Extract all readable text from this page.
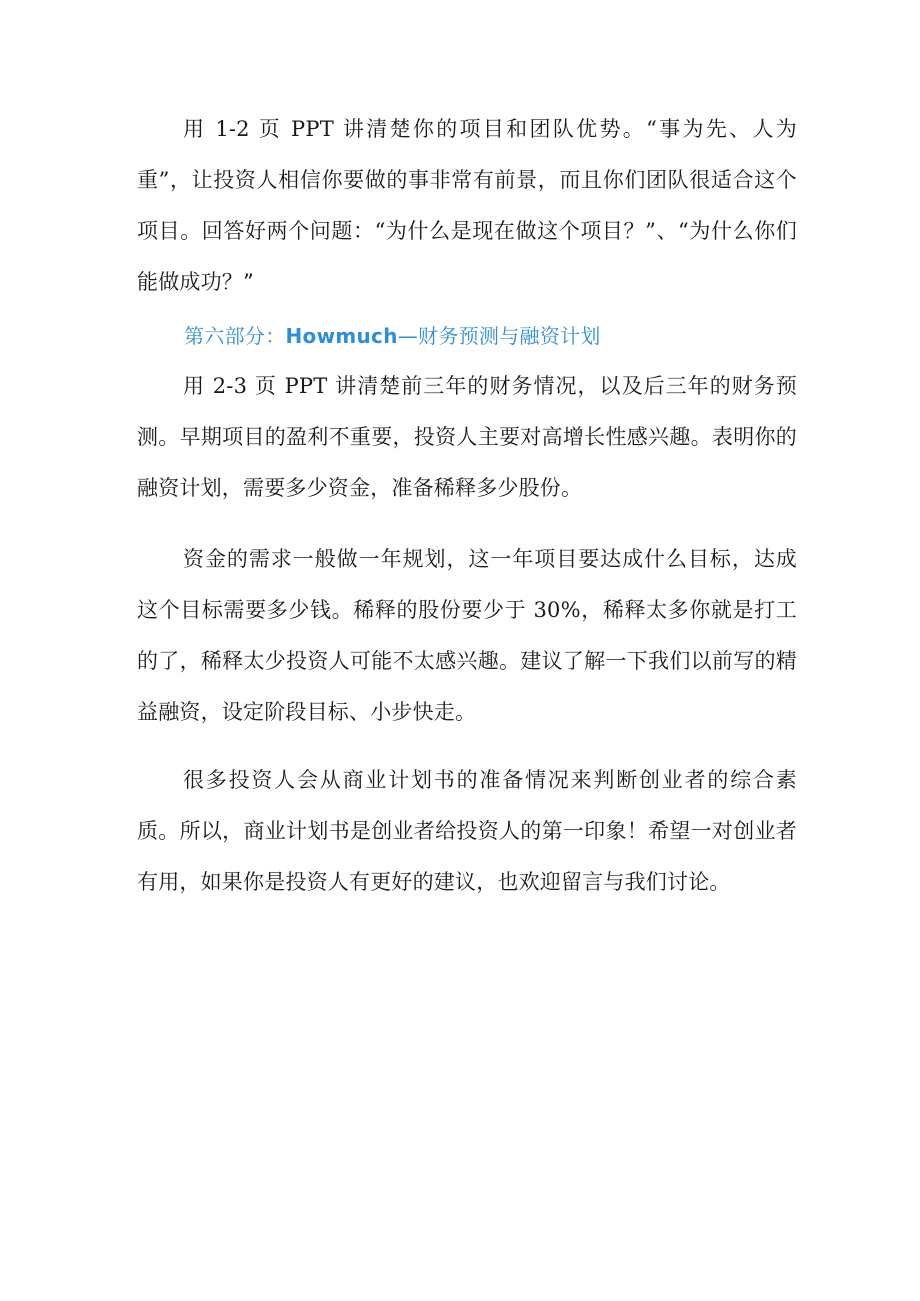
用 1-2 页 PPT 讲清楚你的项目和团队优势。“事为先、人为重”，让投资人相信你要做的事非常有前景，而且你们团队很适合这个项目。回答好两个问题：“为什么是现在做这个项目？”、“为什么你们能做成功？”

第六部分：Howmuch—财务预测与融资计划

用 2-3 页 PPT 讲清楚前三年的财务情况，以及后三年的财务预测。早期项目的盈利不重要，投资人主要对高增长性感兴趣。表明你的融资计划，需要多少资金，准备稀释多少股份。

资金的需求一般做一年规划，这一年项目要达成什么目标，达成这个目标需要多少钱。稀释的股份要少于 30%，稀释太多你就是打工的了，稀释太少投资人可能不太感兴趣。建议了解一下我们以前写的精益融资，设定阶段目标、小步快走。

很多投资人会从商业计划书的准备情况来判断创业者的综合素质。所以，商业计划书是创业者给投资人的第一印象！希望一对创业者有用，如果你是投资人有更好的建议，也欢迎留言与我们讨论。
